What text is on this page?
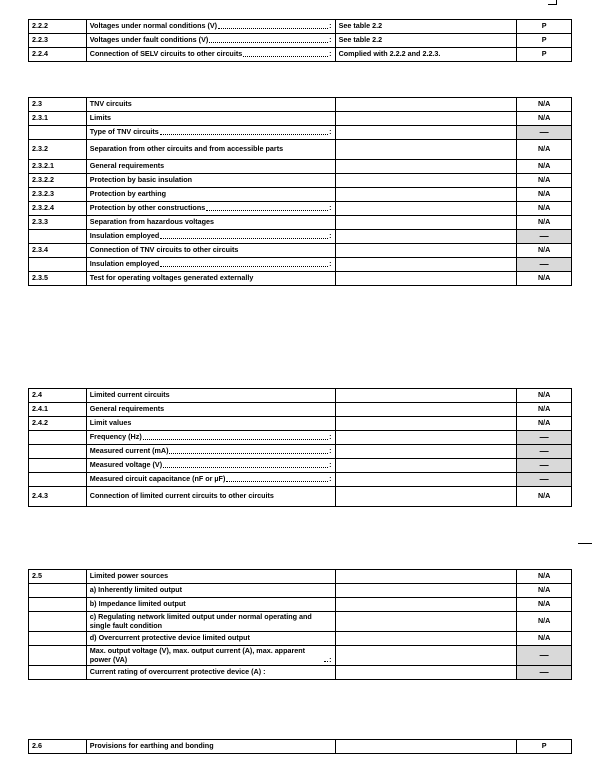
2.2.2	Voltages under normal conditions (V) :	See table 2.2	P
2.2.3	Voltages under fault conditions (V) :	See table 2.2	P
2.2.4	Connection of SELV circuits to other circuits :	Complied with 2.2.2 and 2.2.3.	P
2.3	TNV circuits		N/A
2.3.1	Limits		N/A

	Type of TNV circuits :		—
2.3.2	Separation from other circuits and from accessible parts		N/A
2.3.2.1	General requirements		N/A
2.3.2.2	Protection by basic insulation		N/A
2.3.2.3	Protection by earthing		N/A
2.3.2.4	Protection by other constructions :		N/A
2.3.3	Separation from hazardous voltages		N/A

	Insulation employed :		—
2.3.4	Connection of TNV circuits to other circuits		N/A

	Insulation employed :		—
2.3.5	Test for operating voltages generated externally		N/A
2.4	Limited current circuits		N/A
2.4.1	General requirements		N/A
2.4.2	Limit values		N/A

	Frequency (Hz) :		—

	Measured current (mA) :		—

	Measured voltage (V) :		—

	Measured circuit capacitance (nF or µF) :		—
2.4.3	Connection of limited current circuits to other circuits		N/A
2.5	Limited power sources		N/A
	a) Inherently limited output		N/A
	b) Impedance limited output		N/A
	c) Regulating network limited output under normal operating and single fault condition		N/A
	d) Overcurrent protective device limited output		N/A

	Max. output voltage (V), max. output current (A), max. apparent power (VA) :		—
	Current rating of overcurrent protective device (A) :		—
2.6	Provisions for earthing and bonding		P
